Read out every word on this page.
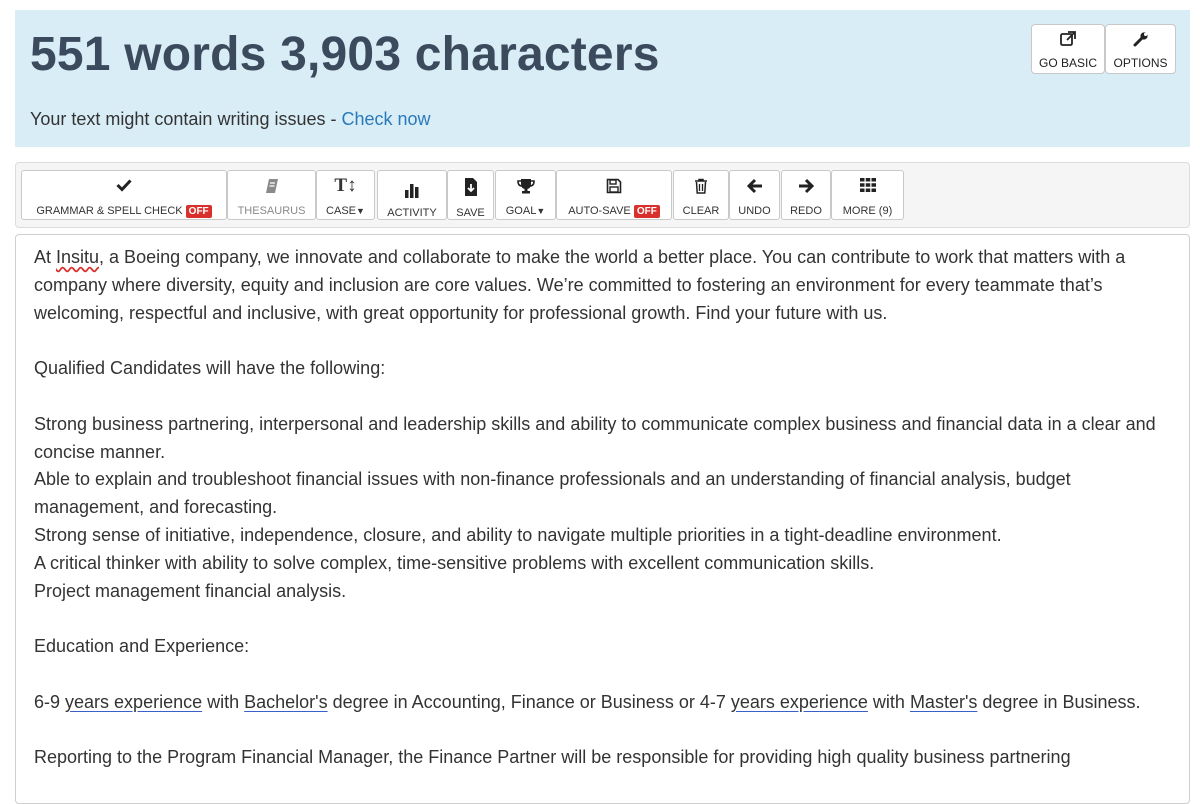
551 words 3,903 characters
Your text might contain writing issues - Check now
GO BASIC	OPTIONS
GRAMMAR & SPELL CHECK OFF	THESAURUS
T↕
CASE▼	ACTIVITY	SAVE	GOAL▼	AUTO-SAVE OFF	CLEAR	UNDO	REDO	MORE (9)

At Insitu, a Boeing company, we innovate and collaborate to make the world a better place. You can contribute to work that matters with a company where diversity, equity and inclusion are core values. We’re committed to fostering an environment for every teammate that’s welcoming, respectful and inclusive, with great opportunity for professional growth. Find your future with us.

Qualified Candidates will have the following:

Strong business partnering, interpersonal and leadership skills and ability to communicate complex business and financial data in a clear and concise manner.

Able to explain and troubleshoot financial issues with non-finance professionals and an understanding of financial analysis, budget management, and forecasting.

Strong sense of initiative, independence, closure, and ability to navigate multiple priorities in a tight-deadline environment.

A critical thinker with ability to solve complex, time-sensitive problems with excellent communication skills.

Project management financial analysis.

Education and Experience:

6-9 years experience with Bachelor's degree in Accounting, Finance or Business or 4-7 years experience with Master's degree in Business.

Reporting to the Program Financial Manager, the Finance Partner will be responsible for providing high quality business partnering
